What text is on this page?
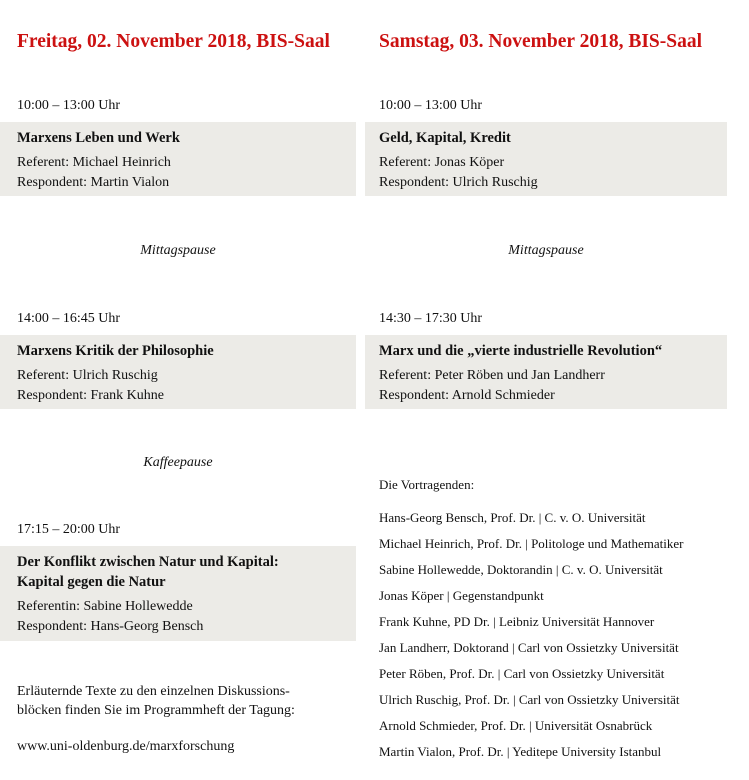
Freitag, 02. November 2018, BIS-Saal
10:00 – 13:00 Uhr
Marxens Leben und Werk
Referent: Michael Heinrich
Respondent: Martin Vialon
Mittagspause
14:00 – 16:45 Uhr
Marxens Kritik der Philosophie
Referent: Ulrich Ruschig
Respondent: Frank Kuhne
Kaffeepause
17:15 – 20:00 Uhr
Der Konflikt zwischen Natur und Kapital:
Kapital gegen die Natur
Referentin: Sabine Hollewedde
Respondent: Hans-Georg Bensch
Erläuternde Texte zu den einzelnen Diskussions-
blöcken finden Sie im Programmheft der Tagung:
www.uni-oldenburg.de/marxforschung
Samstag, 03. November 2018, BIS-Saal
10:00 – 13:00 Uhr
Geld, Kapital, Kredit
Referent: Jonas Köper
Respondent: Ulrich Ruschig
Mittagspause
14:30 – 17:30 Uhr
Marx und die „vierte industrielle Revolution“
Referent: Peter Röben und Jan Landherr
Respondent: Arnold Schmieder
Die Vortragenden:
Hans-Georg Bensch, Prof. Dr. | C. v. O. Universität
Michael Heinrich, Prof. Dr. | Politologe und Mathematiker
Sabine Hollewedde, Doktorandin | C. v. O. Universität
Jonas Köper | Gegenstandpunkt
Frank Kuhne, PD Dr. | Leibniz Universität Hannover
Jan Landherr, Doktorand | Carl von Ossietzky Universität
Peter Röben, Prof. Dr. | Carl von Ossietzky Universität
Ulrich Ruschig, Prof. Dr. | Carl von Ossietzky Universität
Arnold Schmieder, Prof. Dr. | Universität Osnabrück
Martin Vialon, Prof. Dr. | Yeditepe University Istanbul
